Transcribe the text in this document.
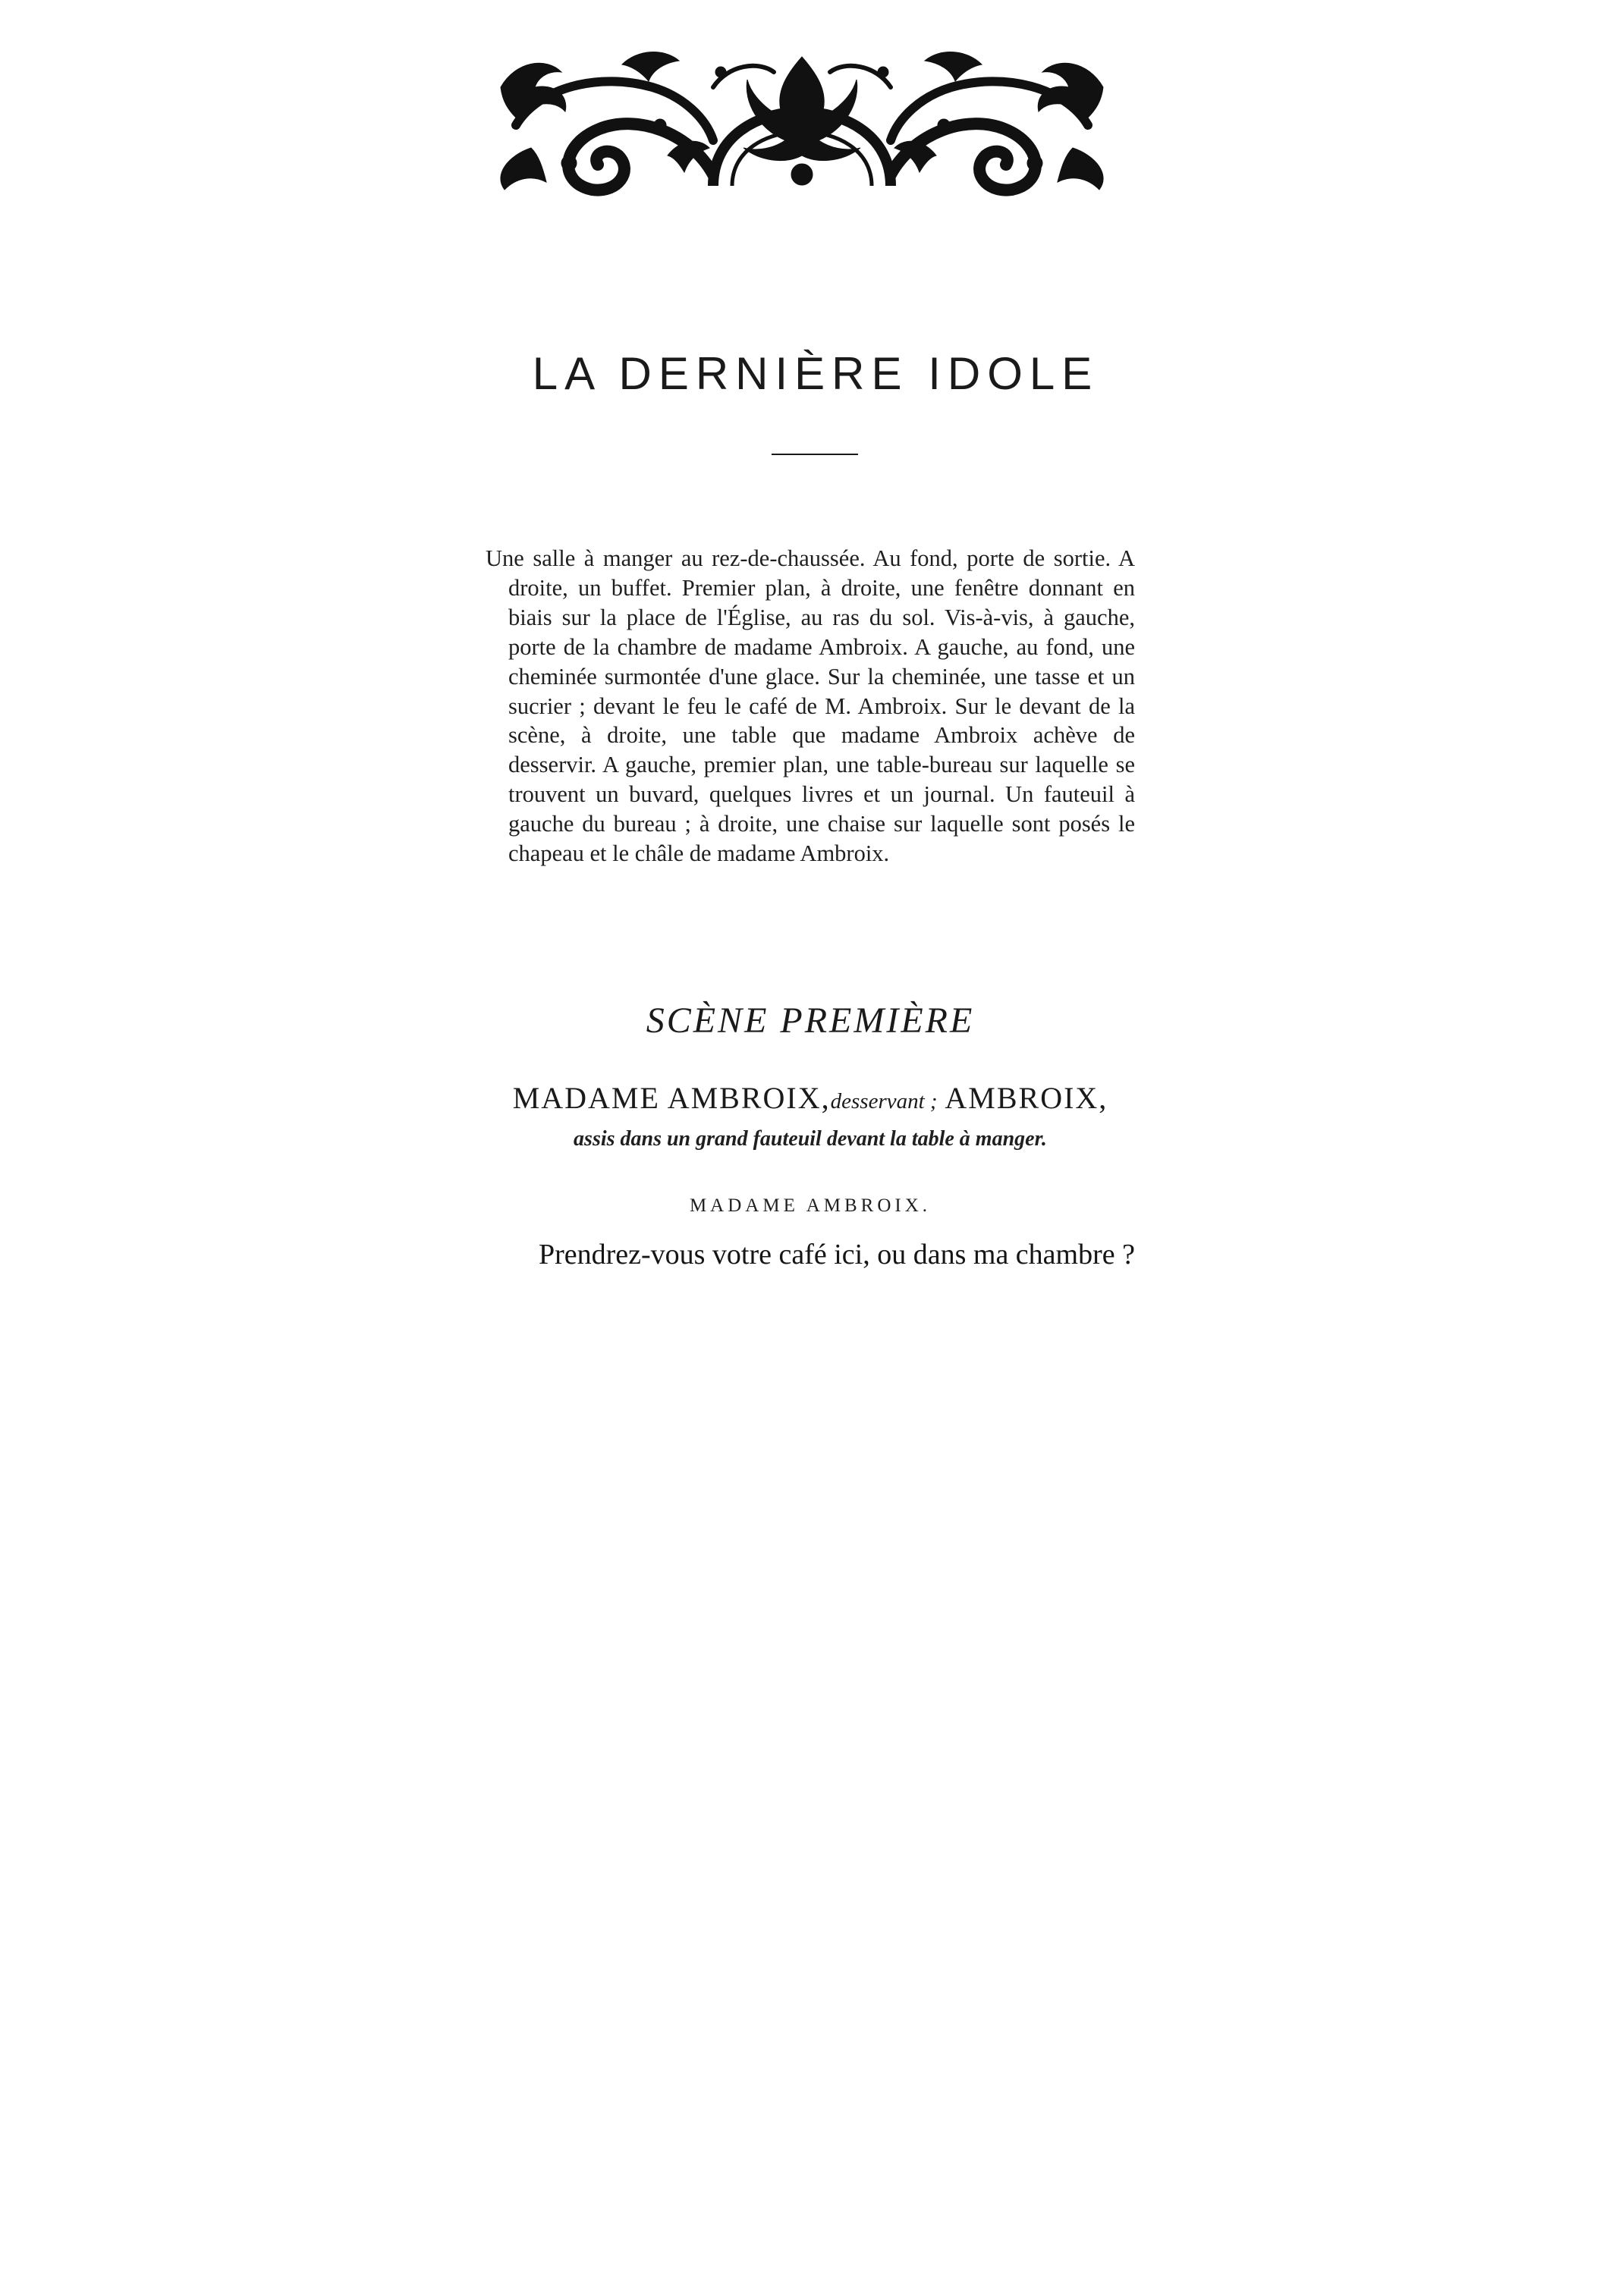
LA DERNIÈRE IDOLE

Une salle à manger au rez-de-chaussée. Au fond, porte de sortie. A droite, un buffet. Premier plan, à droite, une fenêtre donnant en biais sur la place de l'Église, au ras du sol. Vis-à-vis, à gauche, porte de la chambre de madame Ambroix. A gauche, au fond, une cheminée surmontée d'une glace. Sur la cheminée, une tasse et un sucrier ; devant le feu le café de M. Ambroix. Sur le devant de la scène, à droite, une table que madame Ambroix achève de desservir. A gauche, premier plan, une table-bureau sur laquelle se trouvent un buvard, quelques livres et un journal. Un fauteuil à gauche du bureau ; à droite, une chaise sur laquelle sont posés le chapeau et le châle de madame Ambroix.

SCÈNE PREMIÈRE
MADAME AMBROIX,desservant ; AMBROIX,
assis dans un grand fauteuil devant la table à manger.
MADAME AMBROIX.
Prendrez-vous votre café ici, ou dans ma chambre ?
